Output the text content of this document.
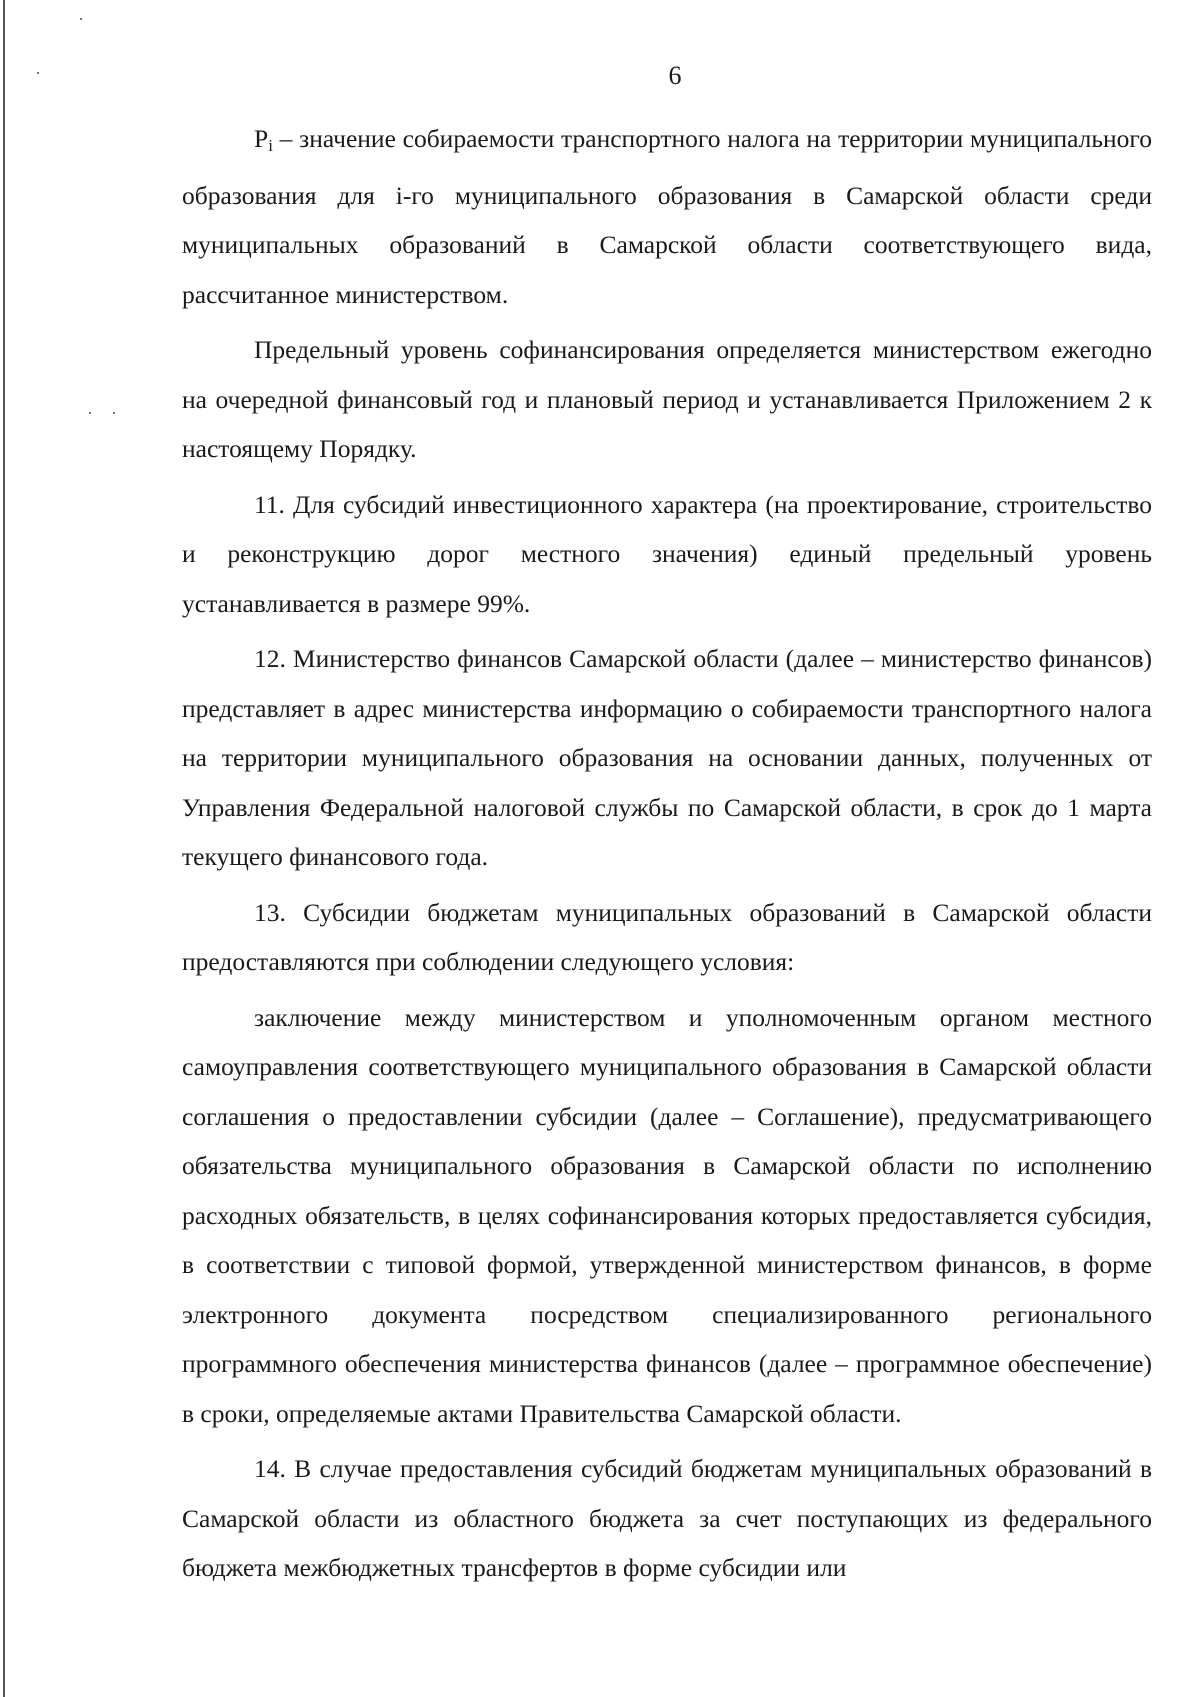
6

Pi – значение собираемости транспортного налога на территории муниципального образования для i-го муниципального образования в Самарской области среди муниципальных образований в Самарской области соответствующего вида, рассчитанное министерством.

Предельный уровень софинансирования определяется министерством ежегодно на очередной финансовый год и плановый период и устанавливается Приложением 2 к настоящему Порядку.

11. Для субсидий инвестиционного характера (на проектирование, строительство и реконструкцию дорог местного значения) единый предельный уровень устанавливается в размере 99%.

12. Министерство финансов Самарской области (далее – министерство финансов) представляет в адрес министерства информацию о собираемости транспортного налога на территории муниципального образования на основании данных, полученных от Управления Федеральной налоговой службы по Самарской области, в срок до 1 марта текущего финансового года.

13. Субсидии бюджетам муниципальных образований в Самарской области предоставляются при соблюдении следующего условия:

заключение между министерством и уполномоченным органом местного самоуправления соответствующего муниципального образования в Самарской области соглашения о предоставлении субсидии (далее – Соглашение), предусматривающего обязательства муниципального образования в Самарской области по исполнению расходных обязательств, в целях софинансирования которых предоставляется субсидия, в соответствии с типовой формой, утвержденной министерством финансов, в форме электронного документа посредством специализированного регионального программного обеспечения министерства финансов (далее – программное обеспечение) в сроки, определяемые актами Правительства Самарской области.

14. В случае предоставления субсидий бюджетам муниципальных образований в Самарской области из областного бюджета за счет поступающих из федерального бюджета межбюджетных трансфертов в форме субсидии или
